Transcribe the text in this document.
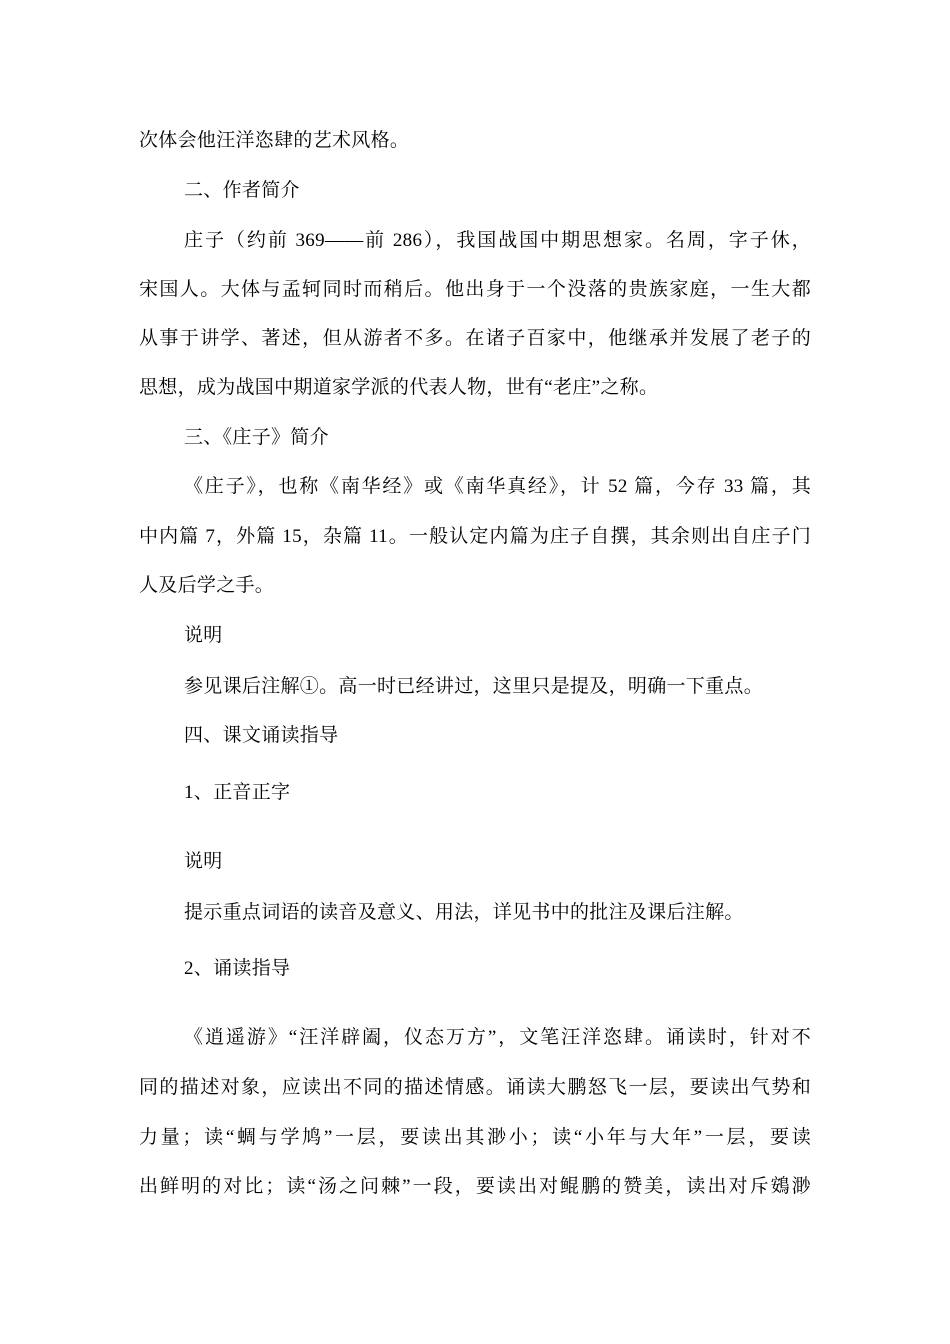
次体会他汪洋恣肆的艺术风格。

二、作者简介

庄子（约前 369——前 286），我国战国中期思想家。名周，字子休，

宋国人。大体与孟轲同时而稍后。他出身于一个没落的贵族家庭，一生大都

从事于讲学、著述，但从游者不多。在诸子百家中，他继承并发展了老子的

思想，成为战国中期道家学派的代表人物，世有“老庄”之称。

三、《庄子》简介

《庄子》，也称《南华经》或《南华真经》，计 52 篇，今存 33 篇，其

中内篇 7，外篇 15，杂篇 11。一般认定内篇为庄子自撰，其余则出自庄子门

人及后学之手。

说明

参见课后注解①。高一时已经讲过，这里只是提及，明确一下重点。

四、课文诵读指导

1、正音正字

说明

提示重点词语的读音及意义、用法，详见书中的批注及课后注解。

2、诵读指导

《逍遥游》“汪洋辟阖，仪态万方”，文笔汪洋恣肆。诵读时，针对不

同的描述对象，应读出不同的描述情感。诵读大鹏怒飞一层，要读出气势和

力量；读“蜩与学鸠”一层，要读出其渺小；读“小年与大年”一层，要读

出鲜明的对比；读“汤之问棘”一段，要读出对鲲鹏的赞美，读出对斥鴳渺
